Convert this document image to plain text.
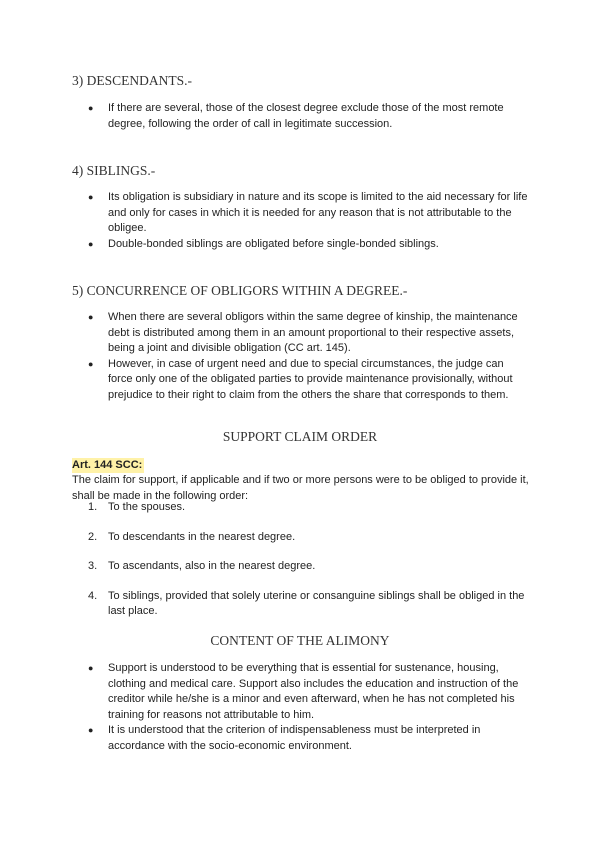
3) DESCENDANTS.-
● If there are several, those of the closest degree exclude those of the most remote degree, following the order of call in legitimate succession.
4) SIBLINGS.-
● Its obligation is subsidiary in nature and its scope is limited to the aid necessary for life and only for cases in which it is needed for any reason that is not attributable to the obligee.
● Double-bonded siblings are obligated before single-bonded siblings.
5) CONCURRENCE OF OBLIGORS WITHIN A DEGREE.-
● When there are several obligors within the same degree of kinship, the maintenance debt is distributed among them in an amount proportional to their respective assets, being a joint and divisible obligation (CC art. 145).
● However, in case of urgent need and due to special circumstances, the judge can force only one of the obligated parties to provide maintenance provisionally, without prejudice to their right to claim from the others the share that corresponds to them.
SUPPORT CLAIM ORDER
Art. 144 SCC:
The claim for support, if applicable and if two or more persons were to be obliged to provide it, shall be made in the following order:
1. To the spouses.
2. To descendants in the nearest degree.
3. To ascendants, also in the nearest degree.
4. To siblings, provided that solely uterine or consanguine siblings shall be obliged in the last place.
CONTENT OF THE ALIMONY
● Support is understood to be everything that is essential for sustenance, housing, clothing and medical care. Support also includes the education and instruction of the creditor while he/she is a minor and even afterward, when he has not completed his training for reasons not attributable to him.
● It is understood that the criterion of indispensableness must be interpreted in accordance with the socio-economic environment.
